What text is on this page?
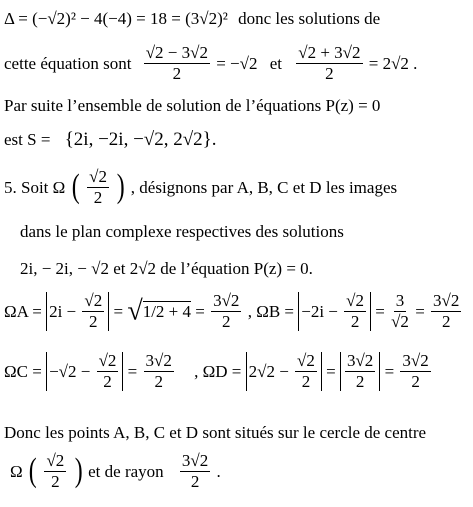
Δ = (−√2)² − 4(−4) = 18 = (3√2)² donc les solutions de
cette équation sont $\frac{√2 - 3√2}{2} = -√2$ et $\frac{√2 + 3√2}{2} = 2√2$ .
Par suite l’ensemble de solution de l’équations P(z) = 0
est S = {2i, −2i, −√2, 2√2}.
5. Soit Ω ( $\frac{√2}{2}$ ) , désignons par A, B, C et D les images
dans le plan complexe respectives des solutions
2i, − 2i, − √2 et 2√2 de l’équation P(z) = 0.
$\Omega A = 2i - \frac{√2}{2} = √1/2 + 4 = \frac{3√2}{2}$ , $\Omega B = -2i - \frac{√2}{2} = \frac{3}{√2} = \frac{3√2}{2}$
$\Omega C = -√2 - \frac{√2}{2} = \frac{3√2}{2}$ , $\Omega D = 2√2 - \frac{√2}{2} = \frac{3√2}{2} = \frac{3√2}{2}$
Donc les points A, B, C et D sont situés sur le cercle de centre
Ω ( $\frac{√2}{2}$ ) et de rayon $\frac{3√2}{2}$ .
